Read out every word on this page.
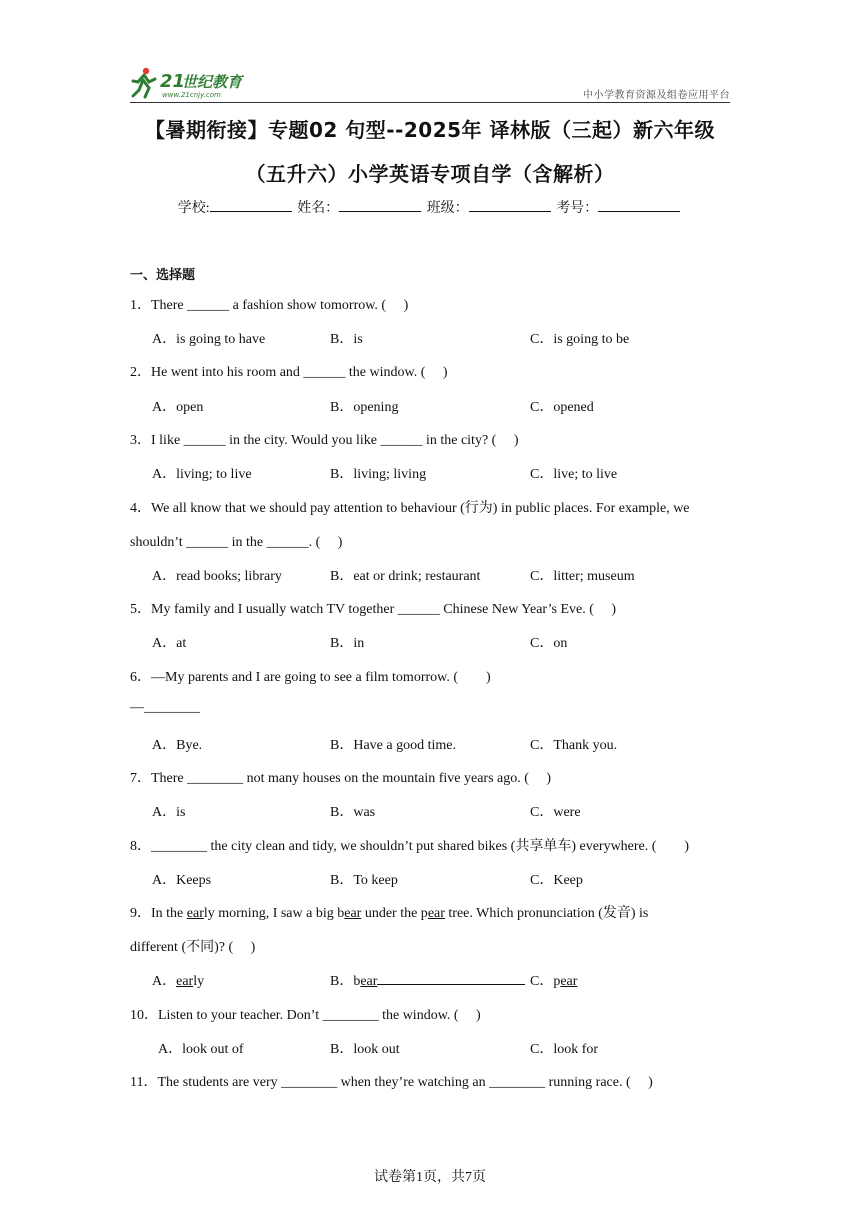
21
世纪教育
www.21cnjy.com	中小学教育资源及组卷应用平台
【暑期衔接】专题02 句型--2025年 译林版（三起）新六年级
（五升六）小学英语专项自学（含解析）
学校:	姓名：	班级：	考号：
一、选择题
1．There ______ a fashion show tomorrow. (　 )
A．is going to have	B．is	C．is going to be
2．He went into his room and ______ the window. (　 )
A．open	B．opening	C．opened
3．I like ______ in the city. Would you like ______ in the city? (　 )
A．living; to live	B．living; living	C．live; to live
4．We all know that we should pay attention to behaviour (行为) in public places. For example, we
shouldn’t ______ in the ______. (　 )
A．read books; library	B．eat or drink; restaurant	C．litter; museum
5．My family and I usually watch TV together ______ Chinese New Year’s Eve. (　 )
A．at	B．in	C．on
6．—My parents and I are going to see a film tomorrow. (　　)
—________
A．Bye.	B．Have a good time.	C．Thank you.
7．There ________ not many houses on the mountain five years ago. (　 )
A．is	B．was	C．were
8．________ the city clean and tidy, we shouldn’t put shared bikes (共享单车) everywhere. (　　)
A．Keeps	B．To keep	C．Keep
9．In the early morning, I saw a big bear under the pear tree. Which pronunciation (发音) is
different (不同)? (　 )
A．early	B．bear	C．pear
10．Listen to your teacher. Don’t ________ the window. (　 )
A．look out of	B．look out	C．look for
11．The students are very ________ when they’re watching an ________ running race. (　 )
试卷第1页，共7页
